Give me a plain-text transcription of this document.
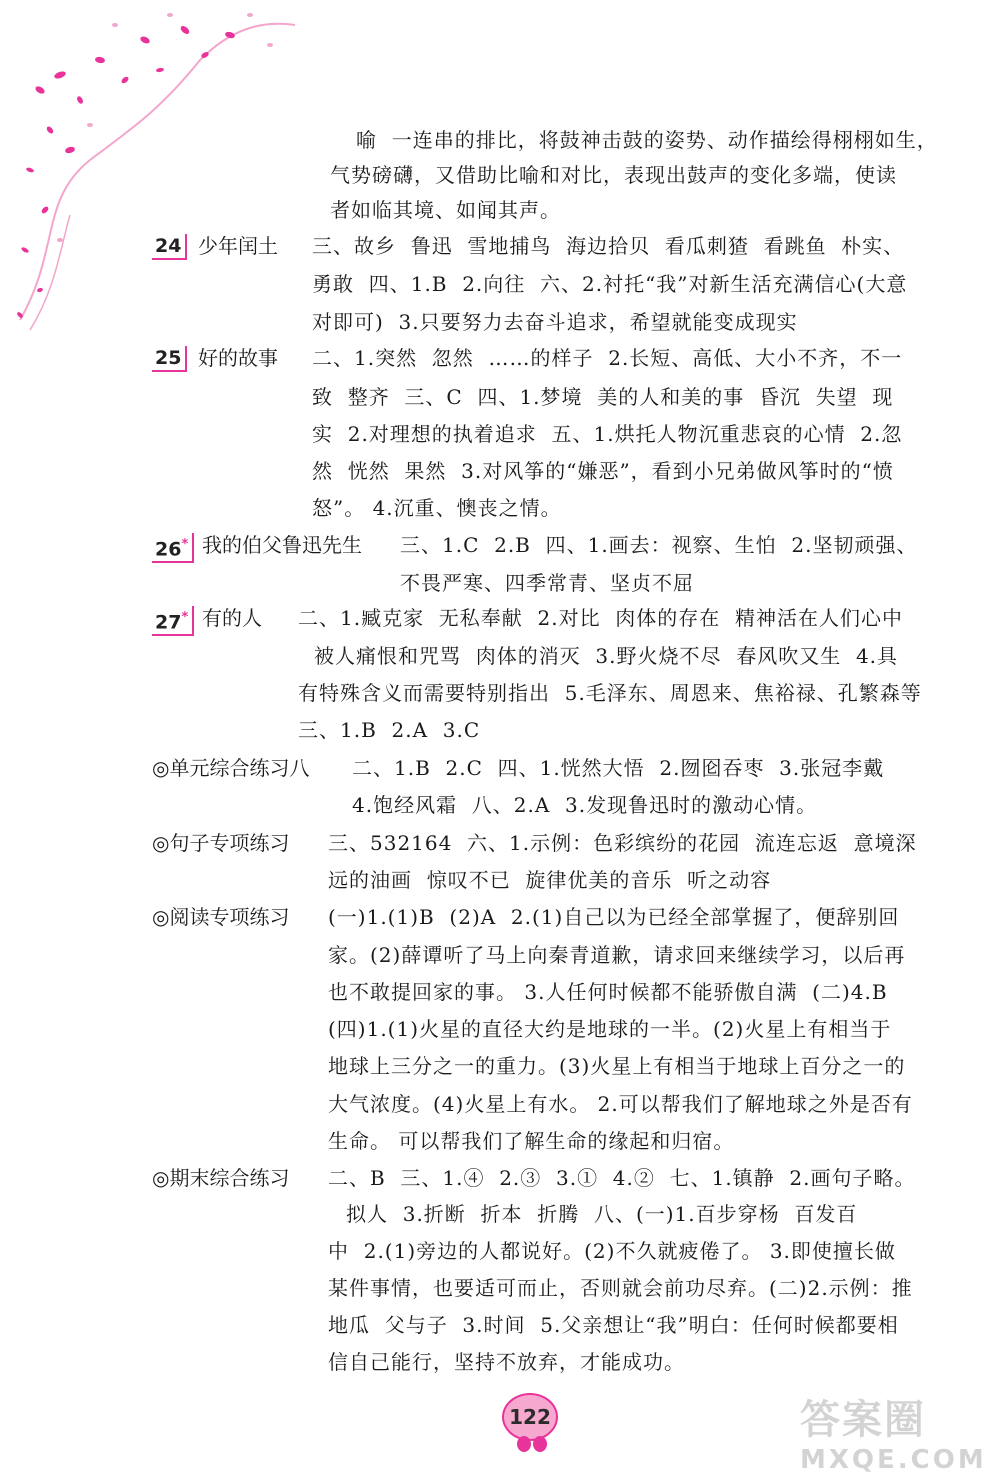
喻  一连串的排比，将鼓神击鼓的姿势、动作描绘得栩栩如生，
气势磅礴，又借助比喻和对比，表现出鼓声的变化多端，使读
者如临其境、如闻其声。
24 少年闰土 三、故乡  鲁迅  雪地捕鸟  海边拾贝  看瓜刺猹  看跳鱼  朴实、
勇敢  四、1.B  2.向往  六、2.衬托“我”对新生活充满信心(大意
对即可)  3.只要努力去奋斗追求，希望就能变成现实
25 好的故事 二、1.突然  忽然  ……的样子  2.长短、高低、大小不齐，不一
致  整齐  三、C  四、1.梦境  美的人和美的事  昏沉  失望  现
实  2.对理想的执着追求  五、1.烘托人物沉重悲哀的心情  2.忽
然  恍然  果然  3.对风筝的“嫌恶”，看到小兄弟做风筝时的“愤
怒”。 4.沉重、懊丧之情。
26* 我的伯父鲁迅先生 三、1.C  2.B  四、1.画去：视察、生怕  2.坚韧顽强、
不畏严寒、四季常青、坚贞不屈
27* 有的人 二、1.臧克家  无私奉献  2.对比  肉体的存在  精神活在人们心中
被人痛恨和咒骂  肉体的消灭  3.野火烧不尽  春风吹又生  4.具
有特殊含义而需要特别指出  5.毛泽东、周恩来、焦裕禄、孔繁森等
三、1.B  2.A  3.C
◎单元综合练习八 二、1.B  2.C  四、1.恍然大悟  2.囫囵吞枣  3.张冠李戴
4.饱经风霜  八、2.A  3.发现鲁迅时的激动心情。
◎句子专项练习 三、532164  六、1.示例：色彩缤纷的花园  流连忘返  意境深
远的油画  惊叹不已  旋律优美的音乐  听之动容
◎阅读专项练习 (一)1.(1)B  (2)A  2.(1)自己以为已经全部掌握了，便辞别回
家。(2)薛谭听了马上向秦青道歉，请求回来继续学习，以后再
也不敢提回家的事。 3.人任何时候都不能骄傲自满  (二)4.B
(四)1.(1)火星的直径大约是地球的一半。(2)火星上有相当于
地球上三分之一的重力。(3)火星上有相当于地球上百分之一的
大气浓度。(4)火星上有水。 2.可以帮我们了解地球之外是否有
生命。 可以帮我们了解生命的缘起和归宿。
◎期末综合练习 二、B  三、1.④  2.③  3.①  4.②  七、1.镇静  2.画句子略。
拟人  3.折断  折本  折腾  八、(一)1.百步穿杨  百发百
中  2.(1)旁边的人都说好。(2)不久就疲倦了。 3.即使擅长做
某件事情，也要适可而止，否则就会前功尽弃。(二)2.示例：推
地瓜  父与子  3.时间  5.父亲想让“我”明白：任何时候都要相
信自己能行，坚持不放弃，才能成功。
122	答案圈
MXQE.COM
